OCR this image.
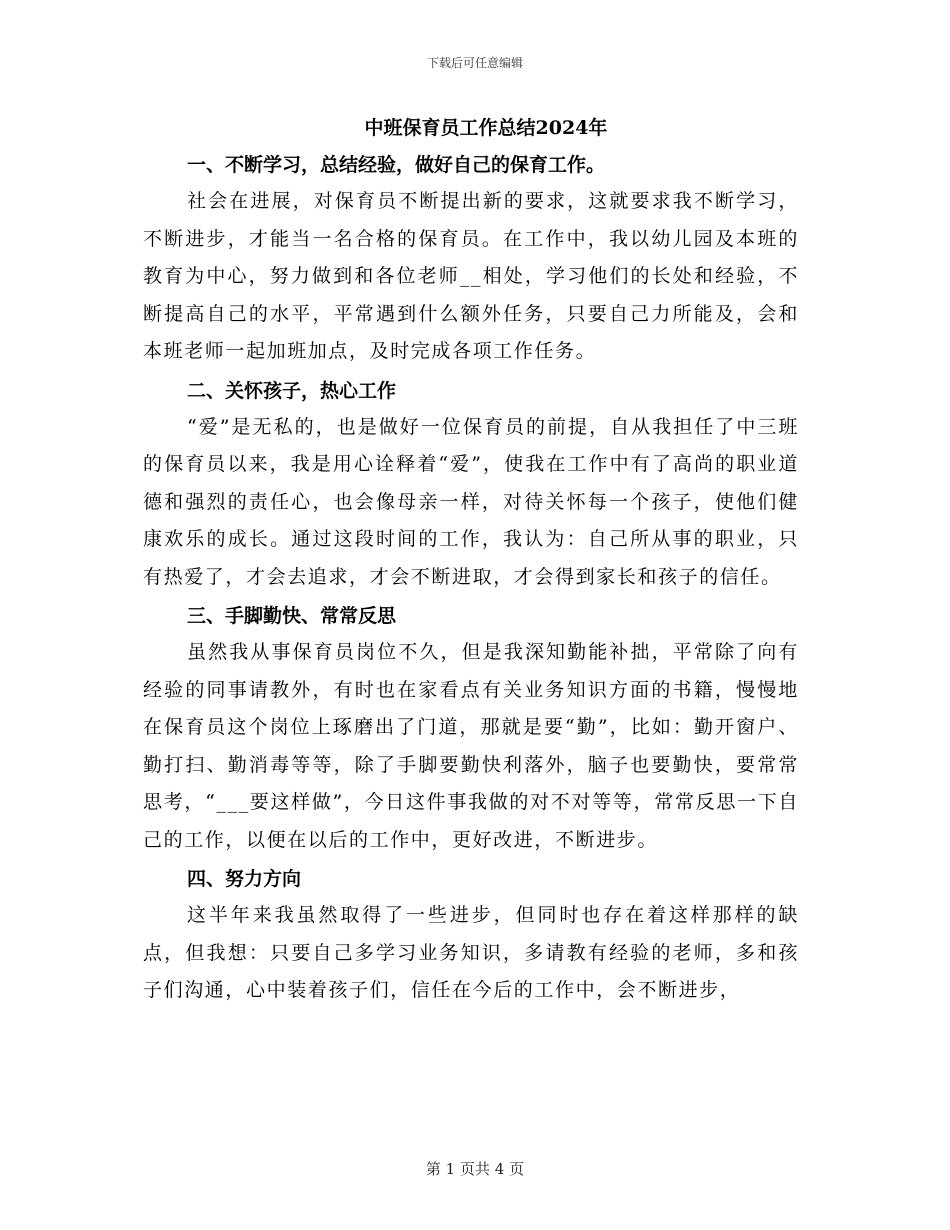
下载后可任意编辑
中班保育员工作总结2024年
一、不断学习，总结经验，做好自己的保育工作。

社会在进展，对保育员不断提出新的要求，这就要求我不断学习，不断进步，才能当一名合格的保育员。在工作中，我以幼儿园及本班的教育为中心，努力做到和各位老师__相处，学习他们的长处和经验，不断提高自己的水平，平常遇到什么额外任务，只要自己力所能及，会和本班老师一起加班加点，及时完成各项工作任务。

二、关怀孩子，热心工作

“爱”是无私的，也是做好一位保育员的前提，自从我担任了中三班的保育员以来，我是用心诠释着“爱”，使我在工作中有了高尚的职业道德和强烈的责任心，也会像母亲一样，对待关怀每一个孩子，使他们健康欢乐的成长。通过这段时间的工作，我认为：自己所从事的职业，只有热爱了，才会去追求，才会不断进取，才会得到家长和孩子的信任。

三、手脚勤快、常常反思

虽然我从事保育员岗位不久，但是我深知勤能补拙，平常除了向有经验的同事请教外，有时也在家看点有关业务知识方面的书籍，慢慢地在保育员这个岗位上琢磨出了门道，那就是要“勤”，比如：勤开窗户、勤打扫、勤消毒等等，除了手脚要勤快利落外，脑子也要勤快，要常常思考，“___要这样做”，今日这件事我做的对不对等等，常常反思一下自己的工作，以便在以后的工作中，更好改进，不断进步。

四、努力方向

这半年来我虽然取得了一些进步，但同时也存在着这样那样的缺点，但我想：只要自己多学习业务知识，多请教有经验的老师，多和孩子们沟通，心中装着孩子们，信任在今后的工作中，会不断进步，

第 1 页共 4 页
